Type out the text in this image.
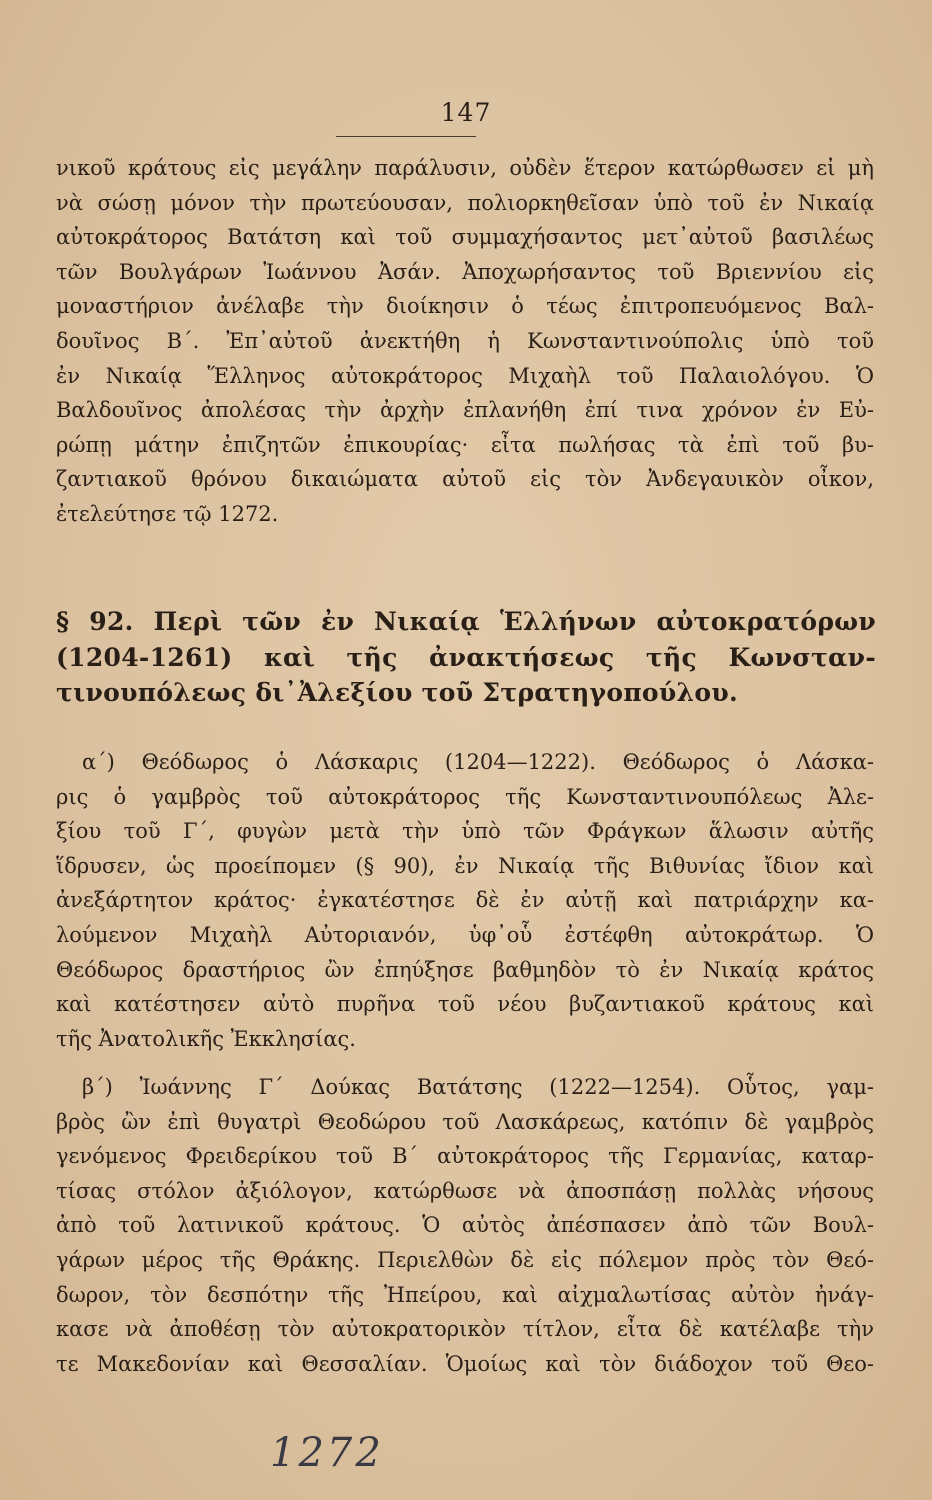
147
νικοῦ κράτους εἰς μεγάλην παράλυσιν, οὐδὲν ἕτερον κατώρθωσεν εἰ μὴ
νὰ σώσῃ μόνον τὴν πρωτεύουσαν, πολιορκηθεῖσαν ὑπὸ τοῦ ἐν Νικαίᾳ
αὐτοκράτορος Βατάτση καὶ τοῦ συμμαχήσαντος μετ᾽αὐτοῦ βασιλέως
τῶν Βουλγάρων Ἰωάννου Ἀσάν. Ἀποχωρήσαντος τοῦ Βριεννίου εἰς
μοναστήριον ἀνέλαβε τὴν διοίκησιν ὁ τέως ἐπιτροπευόμενος Βαλ-
δουῖνος Β΄. Ἐπ᾽αὐτοῦ ἀνεκτήθη ἡ Κωνσταντινούπολις ὑπὸ τοῦ
ἐν Νικαίᾳ Ἕλληνος αὐτοκράτορος Μιχαὴλ τοῦ Παλαιολόγου. Ὁ
Βαλδουῖνος ἀπολέσας τὴν ἀρχὴν ἐπλανήθη ἐπί τινα χρόνον ἐν Εὐ-
ρώπῃ μάτην ἐπιζητῶν ἐπικουρίας· εἶτα πωλήσας τὰ ἐπὶ τοῦ βυ-
ζαντιακοῦ θρόνου δικαιώματα αὐτοῦ εἰς τὸν Ἀνδεγαυικὸν οἶκον,
ἐτελεύτησε τῷ 1272.
§ 92. Περὶ τῶν ἐν Νικαίᾳ Ἑλλήνων αὐτοκρατόρων
(1204-1261) καὶ τῆς ἀνακτήσεως τῆς Κωνσταν-
τινουπόλεως δι᾽Ἀλεξίου τοῦ Στρατηγοπούλου.
α΄) Θεόδωρος ὁ Λάσκαρις (1204—1222). Θεόδωρος ὁ Λάσκα-
ρις ὁ γαμβρὸς τοῦ αὐτοκράτορος τῆς Κωνσταντινουπόλεως Ἀλε-
ξίου τοῦ Γ΄, φυγὼν μετὰ τὴν ὑπὸ τῶν Φράγκων ἅλωσιν αὐτῆς
ἵδρυσεν, ὡς προείπομεν (§ 90), ἐν Νικαίᾳ τῆς Βιθυνίας ἴδιον καὶ
ἀνεξάρτητον κράτος· ἐγκατέστησε δὲ ἐν αὐτῇ καὶ πατριάρχην κα-
λούμενον Μιχαὴλ Αὐτοριανόν, ὑφ᾽οὗ ἐστέφθη αὐτοκράτωρ. Ὁ
Θεόδωρος δραστήριος ὢν ἐπηύξησε βαθμηδὸν τὸ ἐν Νικαίᾳ κράτος
καὶ κατέστησεν αὐτὸ πυρῆνα τοῦ νέου βυζαντιακοῦ κράτους καὶ
τῆς Ἀνατολικῆς Ἐκκλησίας.
β΄) Ἰωάννης Γ΄ Δούκας Βατάτσης (1222—1254). Οὗτος, γαμ-
βρὸς ὢν ἐπὶ θυγατρὶ Θεοδώρου τοῦ Λασκάρεως, κατόπιν δὲ γαμβρὸς
γενόμενος Φρειδερίκου τοῦ Β΄ αὐτοκράτορος τῆς Γερμανίας, καταρ-
τίσας στόλον ἀξιόλογον, κατώρθωσε νὰ ἀποσπάσῃ πολλὰς νήσους
ἀπὸ τοῦ λατινικοῦ κράτους. Ὁ αὐτὸς ἀπέσπασεν ἀπὸ τῶν Βουλ-
γάρων μέρος τῆς Θράκης. Περιελθὼν δὲ εἰς πόλεμον πρὸς τὸν Θεό-
δωρον, τὸν δεσπότην τῆς Ἠπείρου, καὶ αἰχμαλωτίσας αὐτὸν ἠνάγ-
κασε νὰ ἀποθέσῃ τὸν αὐτοκρατορικὸν τίτλον, εἶτα δὲ κατέλαβε τὴν
τε Μακεδονίαν καὶ Θεσσαλίαν. Ὁμοίως καὶ τὸν διάδοχον τοῦ Θεο-
1272
